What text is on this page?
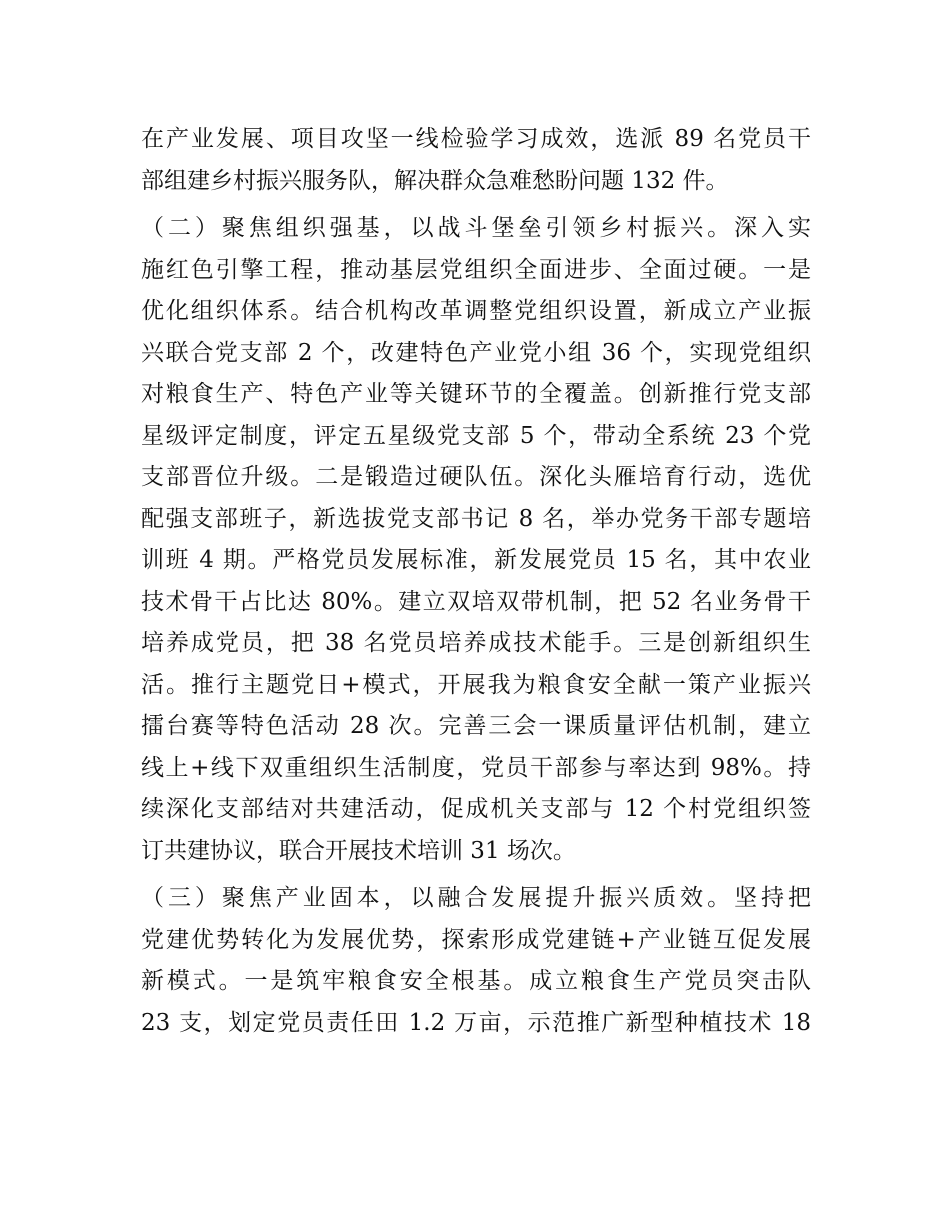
在产业发展、项目攻坚一线检验学习成效，选派 89 名党员干
部组建乡村振兴服务队，解决群众急难愁盼问题 132 件。
（二）聚焦组织强基，以战斗堡垒引领乡村振兴。深入实
施红色引擎工程，推动基层党组织全面进步、全面过硬。一是
优化组织体系。结合机构改革调整党组织设置，新成立产业振
兴联合党支部 2 个，改建特色产业党小组 36 个，实现党组织
对粮食生产、特色产业等关键环节的全覆盖。创新推行党支部
星级评定制度，评定五星级党支部 5 个，带动全系统 23 个党
支部晋位升级。二是锻造过硬队伍。深化头雁培育行动，选优
配强支部班子，新选拔党支部书记 8 名，举办党务干部专题培
训班 4 期。严格党员发展标准，新发展党员 15 名，其中农业
技术骨干占比达 80%。建立双培双带机制，把 52 名业务骨干
培养成党员，把 38 名党员培养成技术能手。三是创新组织生
活。推行主题党日+模式，开展我为粮食安全献一策产业振兴
擂台赛等特色活动 28 次。完善三会一课质量评估机制，建立
线上+线下双重组织生活制度，党员干部参与率达到 98%。持
续深化支部结对共建活动，促成机关支部与 12 个村党组织签
订共建协议，联合开展技术培训 31 场次。
（三）聚焦产业固本，以融合发展提升振兴质效。坚持把
党建优势转化为发展优势，探索形成党建链+产业链互促发展
新模式。一是筑牢粮食安全根基。成立粮食生产党员突击队
23 支，划定党员责任田 1.2 万亩，示范推广新型种植技术 18
